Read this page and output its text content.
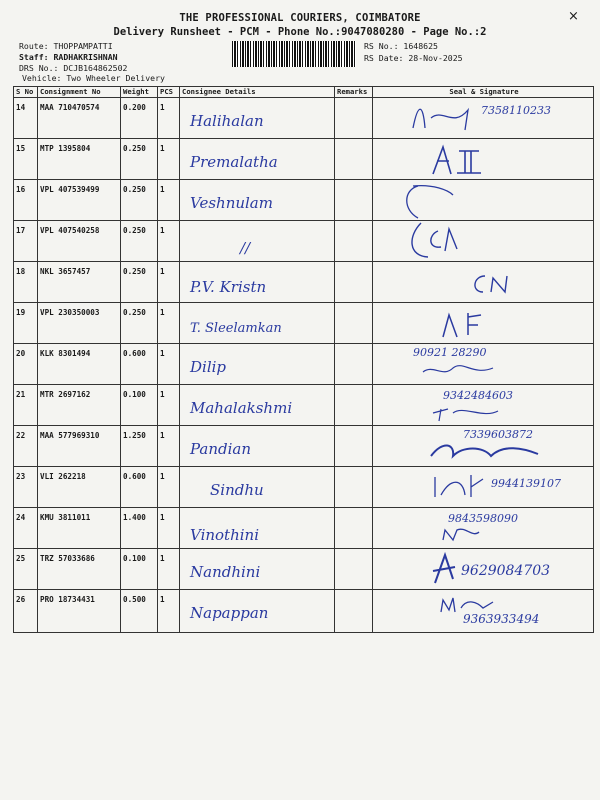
THE PROFESSIONAL COURIERS, COIMBATORE
Delivery Runsheet - PCM - Phone No.:9047080280 - Page No.:2
×
Route: THOPPAMPATTI
Staff: RADHAKRISHNAN
DRS No.: DCJB164862502
Vehicle: Two Wheeler Delivery
RS No.: 1648625
RS Date: 28-Nov-2025
S No	Consignment No	Weight	PCS	Consignee Details	Remarks	Seal & Signature

14	MAA 710470574	0.200	1	Halihalan		7358110233

15	MTP 1395804	0.250	1	Premalatha

16	VPL 407539499	0.250	1	Veshnulam

17	VPL 407540258	0.250	1	//

18	NKL 3657457	0.250	1	P.V. Kristn

19	VPL 230350003	0.250	1	T. Sleelamkan

20	KLK 8301494	0.600	1	Dilip		90921 28290

21	MTR 2697162	0.100	1	Mahalakshmi		9342484603

22	MAA 577969310	1.250	1	Pandian		7339603872

23	VLI 262218	0.600	1	Sindhu		9944139107

24	KMU 3811011	1.400	1	Vinothini		9843598090

25	TRZ 57033686	0.100	1	Nandhini		9629084703

26	PRO 18734431	0.500	1	Napappan		9363933494
